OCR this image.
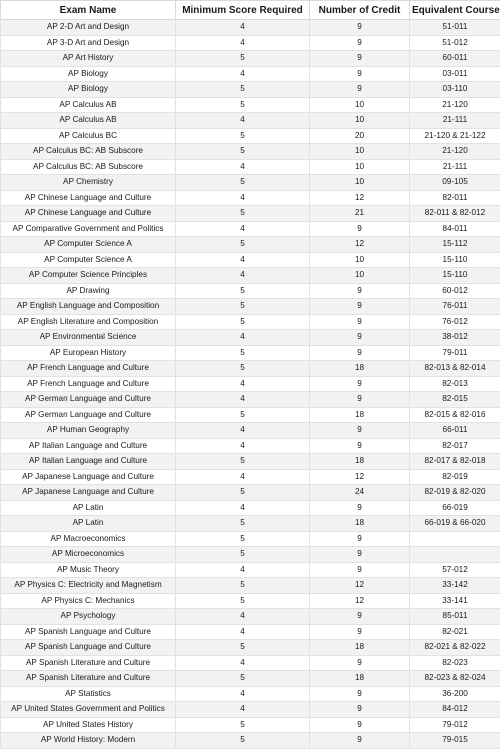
Exam Name	Minimum Score Required	Number of Credit	Equivalent Course
AP 2-D Art and Design	4	9	51-011
AP 3-D Art and Design	4	9	51-012
AP Art History	5	9	60-011
AP Biology	4	9	03-011
AP Biology	5	9	03-110
AP Calculus AB	5	10	21-120
AP Calculus AB	4	10	21-111
AP Calculus BC	5	20	21-120 & 21-122
AP Calculus BC: AB Subscore	5	10	21-120
AP Calculus BC: AB Subscore	4	10	21-111
AP Chemistry	5	10	09-105
AP Chinese Language and Culture	4	12	82-011
AP Chinese Language and Culture	5	21	82-011 & 82-012
AP Comparative Government and Politics	4	9	84-011
AP Computer Science A	5	12	15-112
AP Computer Science A	4	10	15-110
AP Computer Science Principles	4	10	15-110
AP Drawing	5	9	60-012
AP English Language and Composition	5	9	76-011
AP English Literature and Composition	5	9	76-012
AP Environmental Science	4	9	38-012
AP European History	5	9	79-011
AP French Language and Culture	5	18	82-013 & 82-014
AP French Language and Culture	4	9	82-013
AP German Language and Culture	4	9	82-015
AP German Language and Culture	5	18	82-015 & 82-016
AP Human Geography	4	9	66-011
AP Italian Language and Culture	4	9	82-017
AP Italian Language and Culture	5	18	82-017 & 82-018
AP Japanese Language and Culture	4	12	82-019
AP Japanese Language and Culture	5	24	82-019 & 82-020
AP Latin	4	9	66-019
AP Latin	5	18	66-019 & 66-020
AP Macroeconomics	5	9	
AP Microeconomics	5	9	
AP Music Theory	4	9	57-012
AP Physics C: Electricity and Magnetism	5	12	33-142
AP Physics C: Mechanics	5	12	33-141
AP Psychology	4	9	85-011
AP Spanish Language and Culture	4	9	82-021
AP Spanish Language and Culture	5	18	82-021 & 82-022
AP Spanish Literature and Culture	4	9	82-023
AP Spanish Literature and Culture	5	18	82-023 & 82-024
AP Statistics	4	9	36-200
AP United States Government and Politics	4	9	84-012
AP United States History	5	9	79-012
AP World History: Modern	5	9	79-015
